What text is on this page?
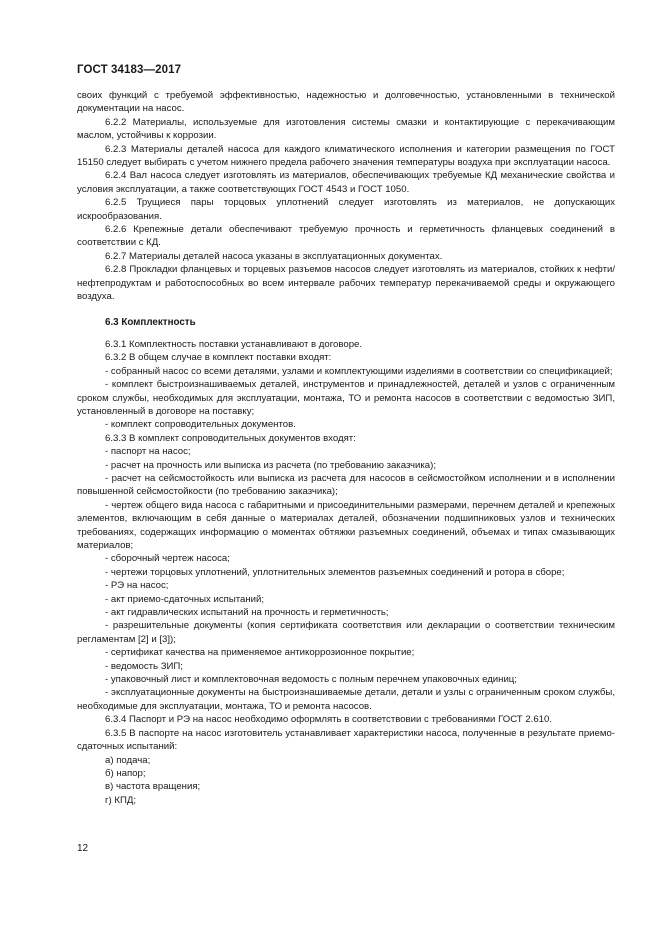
ГОСТ 34183—2017

своих функций с требуемой эффективностью, надежностью и долговечностью, установленными в технической документации на насос.

6.2.2 Материалы, используемые для изготовления системы смазки и контактирующие с перекачивающим маслом, устойчивы к коррозии.

6.2.3 Материалы деталей насоса для каждого климатического исполнения и категории размещения по ГОСТ 15150 следует выбирать с учетом нижнего предела рабочего значения температуры воздуха при эксплуатации насоса.

6.2.4 Вал насоса следует изготовлять из материалов, обеспечивающих требуемые КД механические свойства и условия эксплуатации, а также соответствующих ГОСТ 4543 и ГОСТ 1050.

6.2.5 Трущиеся пары торцовых уплотнений следует изготовлять из материалов, не допускающих искрообразования.

6.2.6 Крепежные детали обеспечивают требуемую прочность и герметичность фланцевых соединений в соответствии с КД.

6.2.7 Материалы деталей насоса указаны в эксплуатационных документах.

6.2.8 Прокладки фланцевых и торцевых разъемов насосов следует изготовлять из материалов, стойких к нефти/нефтепродуктам и работоспособных во всем интервале рабочих температур перекачиваемой среды и окружающего воздуха.

6.3 Комплектность

6.3.1 Комплектность поставки устанавливают в договоре.

6.3.2 В общем случае в комплект поставки входят:

- собранный насос со всеми деталями, узлами и комплектующими изделиями в соответствии со спецификацией;

- комплект быстроизнашиваемых деталей, инструментов и принадлежностей, деталей и узлов с ограниченным сроком службы, необходимых для эксплуатации, монтажа, ТО и ремонта насосов в соответствии с ведомостью ЗИП, установленный в договоре на поставку;

- комплект сопроводительных документов.

6.3.3 В комплект сопроводительных документов входят:

- паспорт на насос;

- расчет на прочность или выписка из расчета (по требованию заказчика);

- расчет на сейсмостойкость или выписка из расчета для насосов в сейсмостойком исполнении и в исполнении повышенной сейсмостойкости (по требованию заказчика);

- чертеж общего вида насоса с габаритными и присоединительными размерами, перечнем деталей и крепежных элементов, включающим в себя данные о материалах деталей, обозначении подшипниковых узлов и технических требованиях, содержащих информацию о моментах обтяжки разъемных соединений, объемах и типах смазывающих материалов;

- сборочный чертеж насоса;

- чертежи торцовых уплотнений, уплотнительных элементов разъемных соединений и ротора в сборе;

- РЭ на насос;

- акт приемо-сдаточных испытаний;

- акт гидравлических испытаний на прочность и герметичность;

- разрешительные документы (копия сертификата соответствия или декларации о соответствии техническим регламентам [2] и [3]);

- сертификат качества на применяемое антикоррозионное покрытие;

- ведомость ЗИП;

- упаковочный лист и комплектовочная ведомость с полным перечнем упаковочных единиц;

- эксплуатационные документы на быстроизнашиваемые детали, детали и узлы с ограниченным сроком службы, необходимые для эксплуатации, монтажа, ТО и ремонта насосов.

6.3.4 Паспорт и РЭ на насос необходимо оформлять в соответствовии с требованиями ГОСТ 2.610.

6.3.5 В паспорте на насос изготовитель устанавливает характеристики насоса, полученные в результате приемо-сдаточных испытаний:

а) подача;

б) напор;

в) частота вращения;

г) КПД;

12
